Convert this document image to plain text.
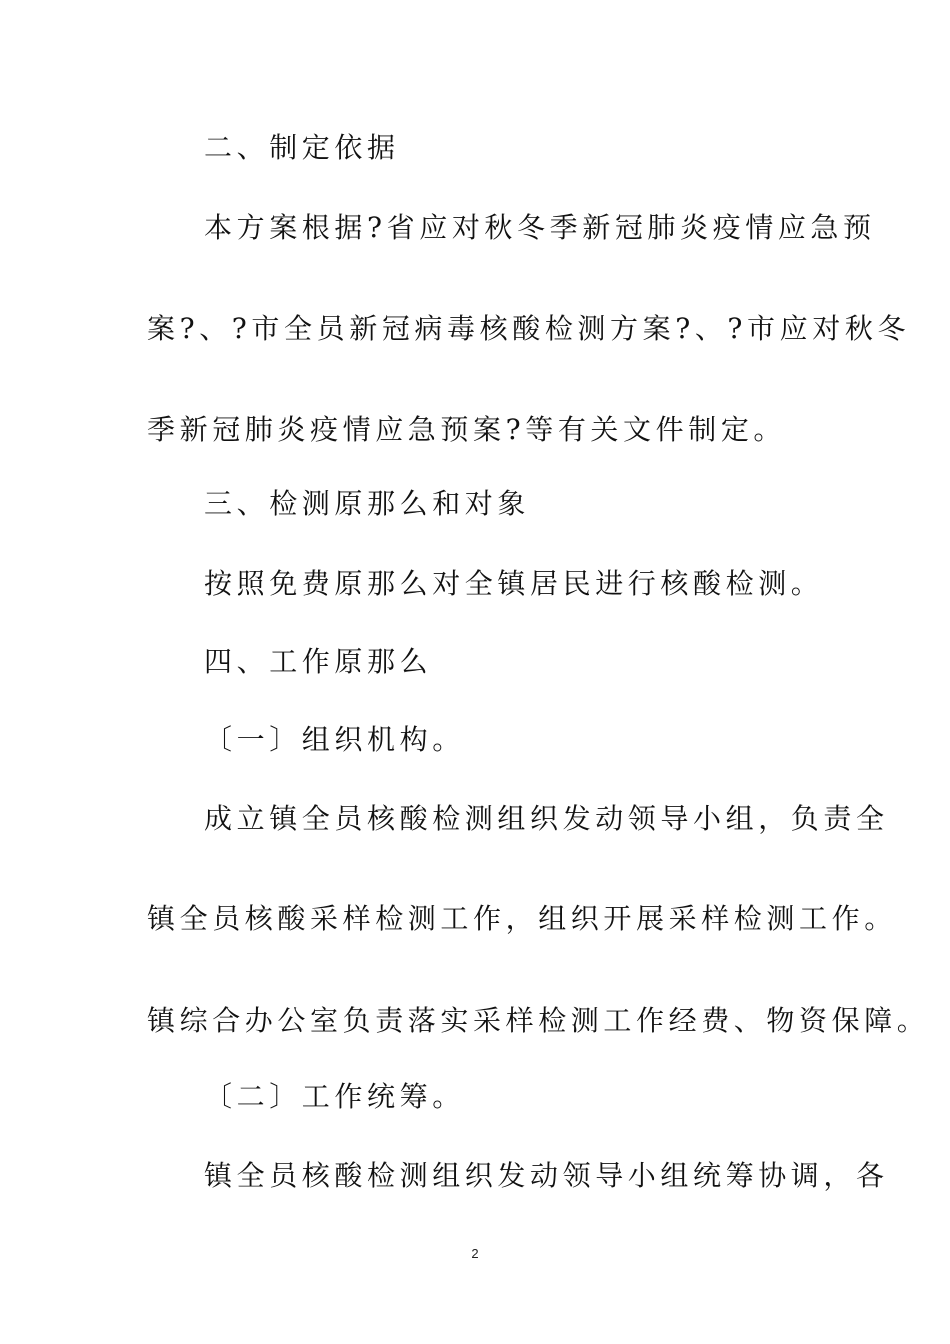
二、制定依据
本方案根据?省应对秋冬季新冠肺炎疫情应急预
案?、?市全员新冠病毒核酸检测方案?、?市应对秋冬
季新冠肺炎疫情应急预案?等有关文件制定。
三、检测原那么和对象
按照免费原那么对全镇居民进行核酸检测。
四、工作原那么
〔一〕组织机构。
成立镇全员核酸检测组织发动领导小组，负责全
镇全员核酸采样检测工作，组织开展采样检测工作。
镇综合办公室负责落实采样检测工作经费、物资保障。
〔二〕工作统筹。
镇全员核酸检测组织发动领导小组统筹协调，各
2
